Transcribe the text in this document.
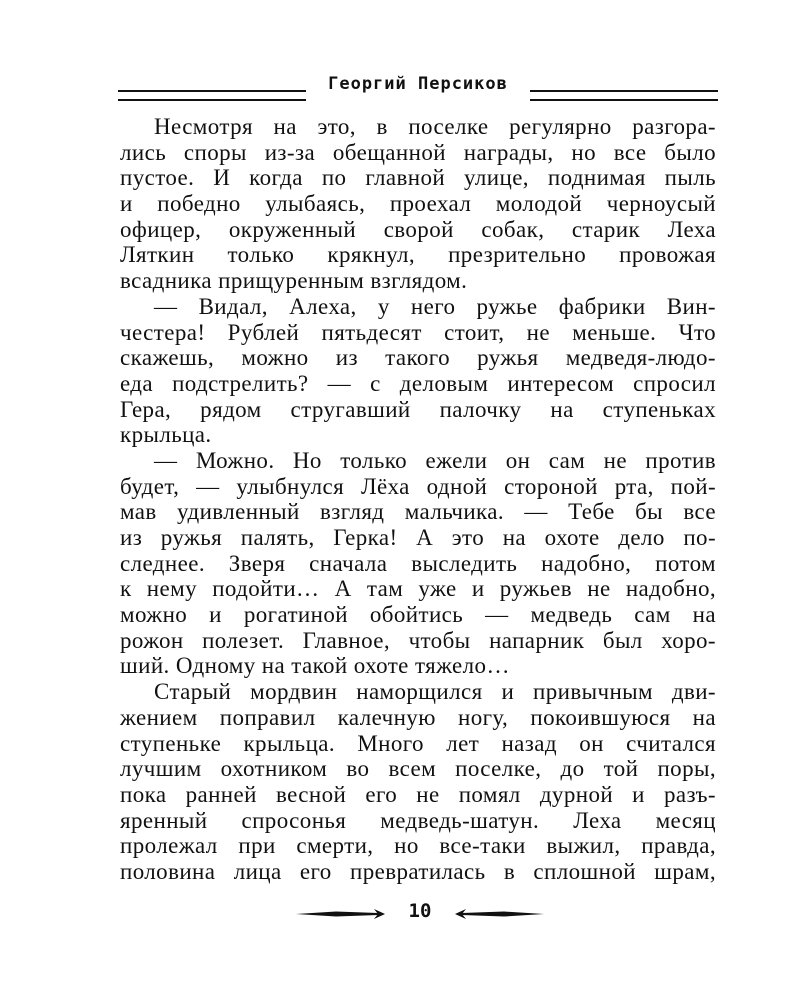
Георгий Персиков
Несмотря на это, в поселке регулярно разгора-
лись споры из-за обещанной награды, но все было
пустое. И когда по главной улице, поднимая пыль
и победно улыбаясь, проехал молодой черноусый
офицер, окруженный сворой собак, старик Леха
Ляткин только крякнул, презрительно провожая
всадника прищуренным взглядом.
— Видал, Алеха, у него ружье фабрики Вин-
честера! Рублей пятьдесят стоит, не меньше. Что
скажешь, можно из такого ружья медведя-людо-
еда подстрелить? — с деловым интересом спросил
Гера, рядом стругавший палочку на ступеньках
крыльца.
— Можно. Но только ежели он сам не против
будет, — улыбнулся Лёха одной стороной рта, пой-
мав удивленный взгляд мальчика. — Тебе бы все
из ружья палять, Герка! А это на охоте дело по-
следнее. Зверя сначала выследить надобно, потом
к нему подойти… А там уже и ружьев не надобно,
можно и рогатиной обойтись — медведь сам на
рожон полезет. Главное, чтобы напарник был хоро-
ший. Одному на такой охоте тяжело…
Старый мордвин наморщился и привычным дви-
жением поправил калечную ногу, покоившуюся на
ступеньке крыльца. Много лет назад он считался
лучшим охотником во всем поселке, до той поры,
пока ранней весной его не помял дурной и разъ-
яренный спросонья медведь-шатун. Леха месяц
пролежал при смерти, но все-таки выжил, правда,
половина лица его превратилась в сплошной шрам,
10
